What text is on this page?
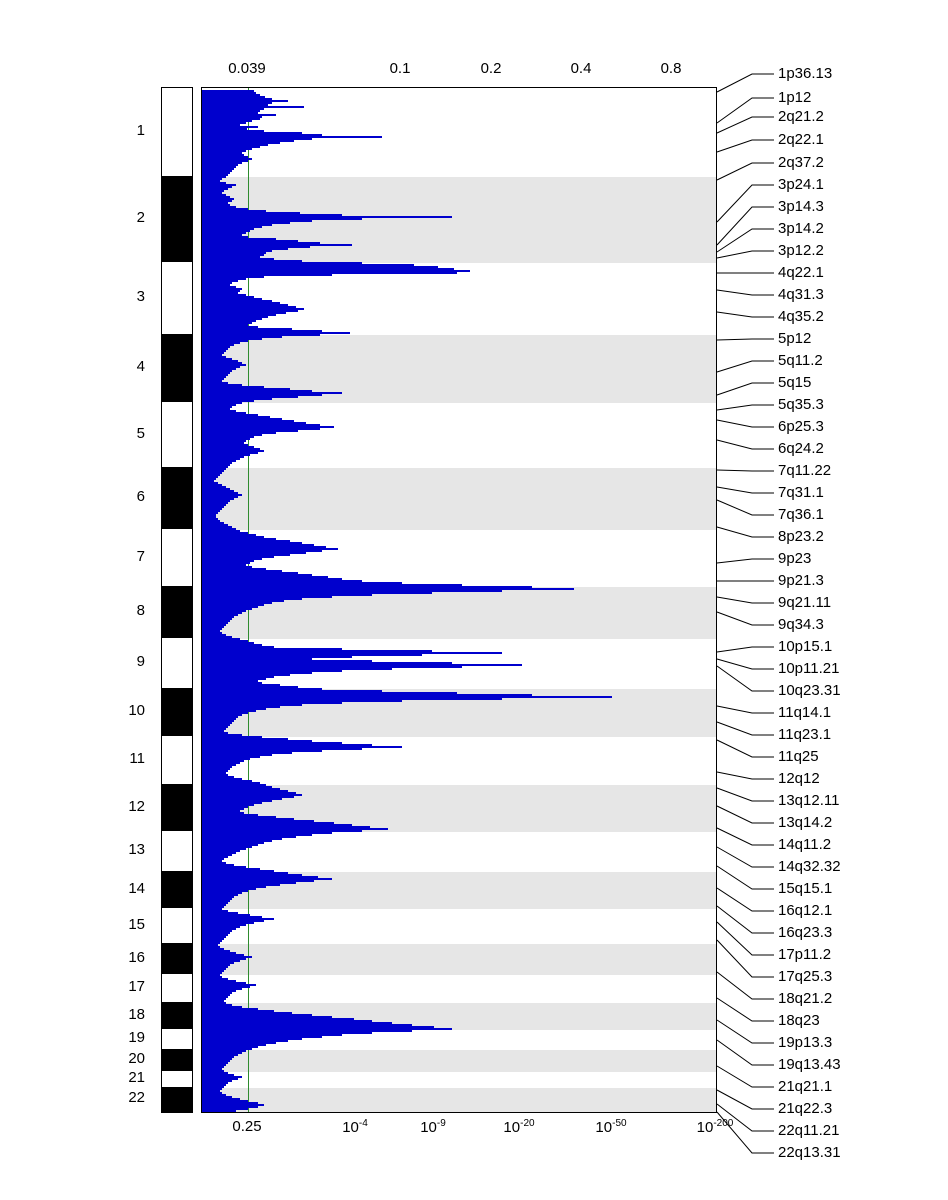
0.039	0.1	0.2	0.4	0.8
1
2
3
4
5
6
7
8
9
10
11
12
13
14
15
16
17
18
19
20
21
22
0.25	$10^{-4}$	$10^{-9}$	$10^{-20}$	$10^{-50}$	$10^{-200}$
1p36.13
1p12
2q21.2
2q22.1
2q37.2
3p24.1
3p14.3
3p14.2
3p12.2
4q22.1
4q31.3
4q35.2
5p12
5q11.2
5q15
5q35.3
6p25.3
6q24.2
7q11.22
7q31.1
7q36.1
8p23.2
9p23
9p21.3
9q21.11
9q34.3
10p15.1
10p11.21
10q23.31
11q14.1
11q23.1
11q25
12q12
13q12.11
13q14.2
14q11.2
14q32.32
15q15.1
16q12.1
16q23.3
17p11.2
17q25.3
18q21.2
18q23
19p13.3
19q13.43
21q21.1
21q22.3
22q11.21
22q13.31
